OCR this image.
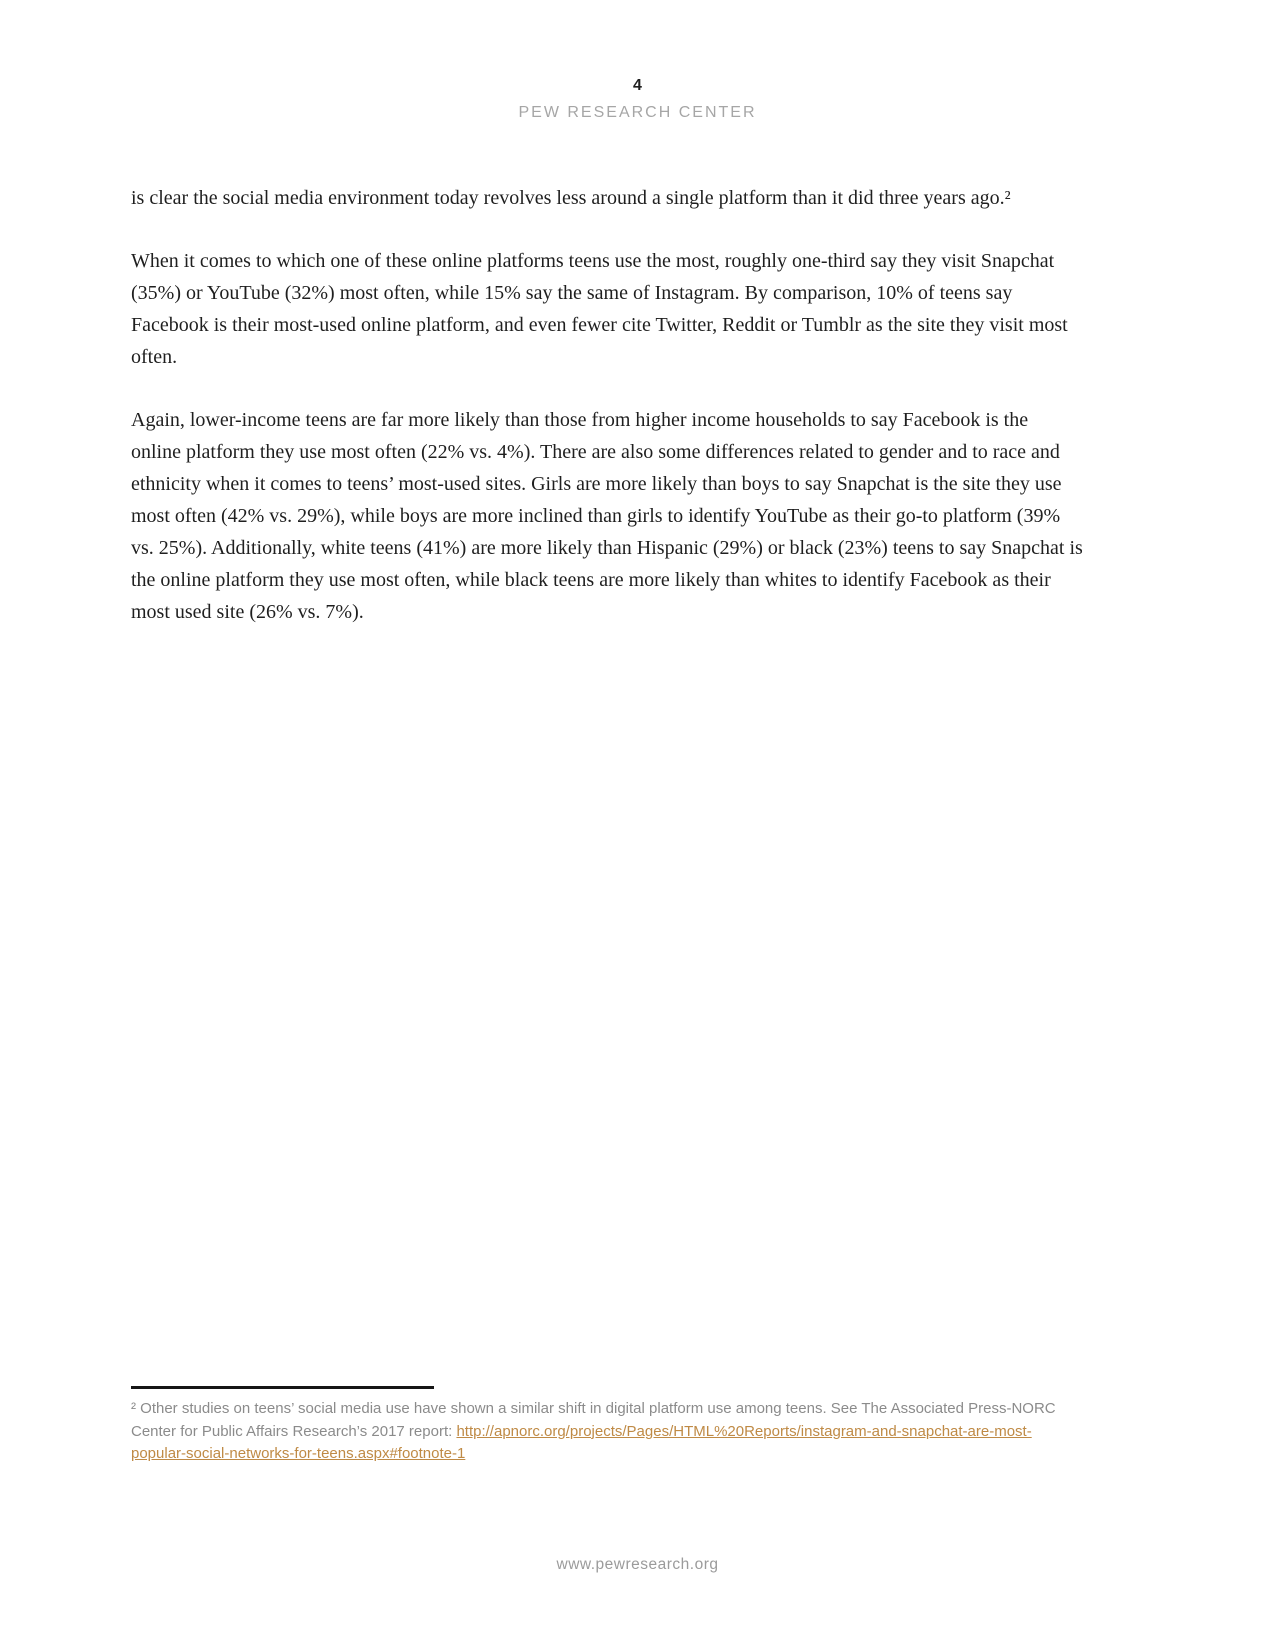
4
PEW RESEARCH CENTER

is clear the social media environment today revolves less around a single platform than it did three years ago.²

When it comes to which one of these online platforms teens use the most, roughly one-third say they visit Snapchat (35%) or YouTube (32%) most often, while 15% say the same of Instagram. By comparison, 10% of teens say Facebook is their most-used online platform, and even fewer cite Twitter, Reddit or Tumblr as the site they visit most often.

Again, lower-income teens are far more likely than those from higher income households to say Facebook is the online platform they use most often (22% vs. 4%). There are also some differences related to gender and to race and ethnicity when it comes to teens’ most-used sites. Girls are more likely than boys to say Snapchat is the site they use most often (42% vs. 29%), while boys are more inclined than girls to identify YouTube as their go-to platform (39% vs. 25%). Additionally, white teens (41%) are more likely than Hispanic (29%) or black (23%) teens to say Snapchat is the online platform they use most often, while black teens are more likely than whites to identify Facebook as their most used site (26% vs. 7%).

² Other studies on teens’ social media use have shown a similar shift in digital platform use among teens. See The Associated Press-NORC Center for Public Affairs Research’s 2017 report: http://apnorc.org/projects/Pages/HTML%20Reports/instagram-and-snapchat-are-most-popular-social-networks-for-teens.aspx#footnote-1

www.pewresearch.org
